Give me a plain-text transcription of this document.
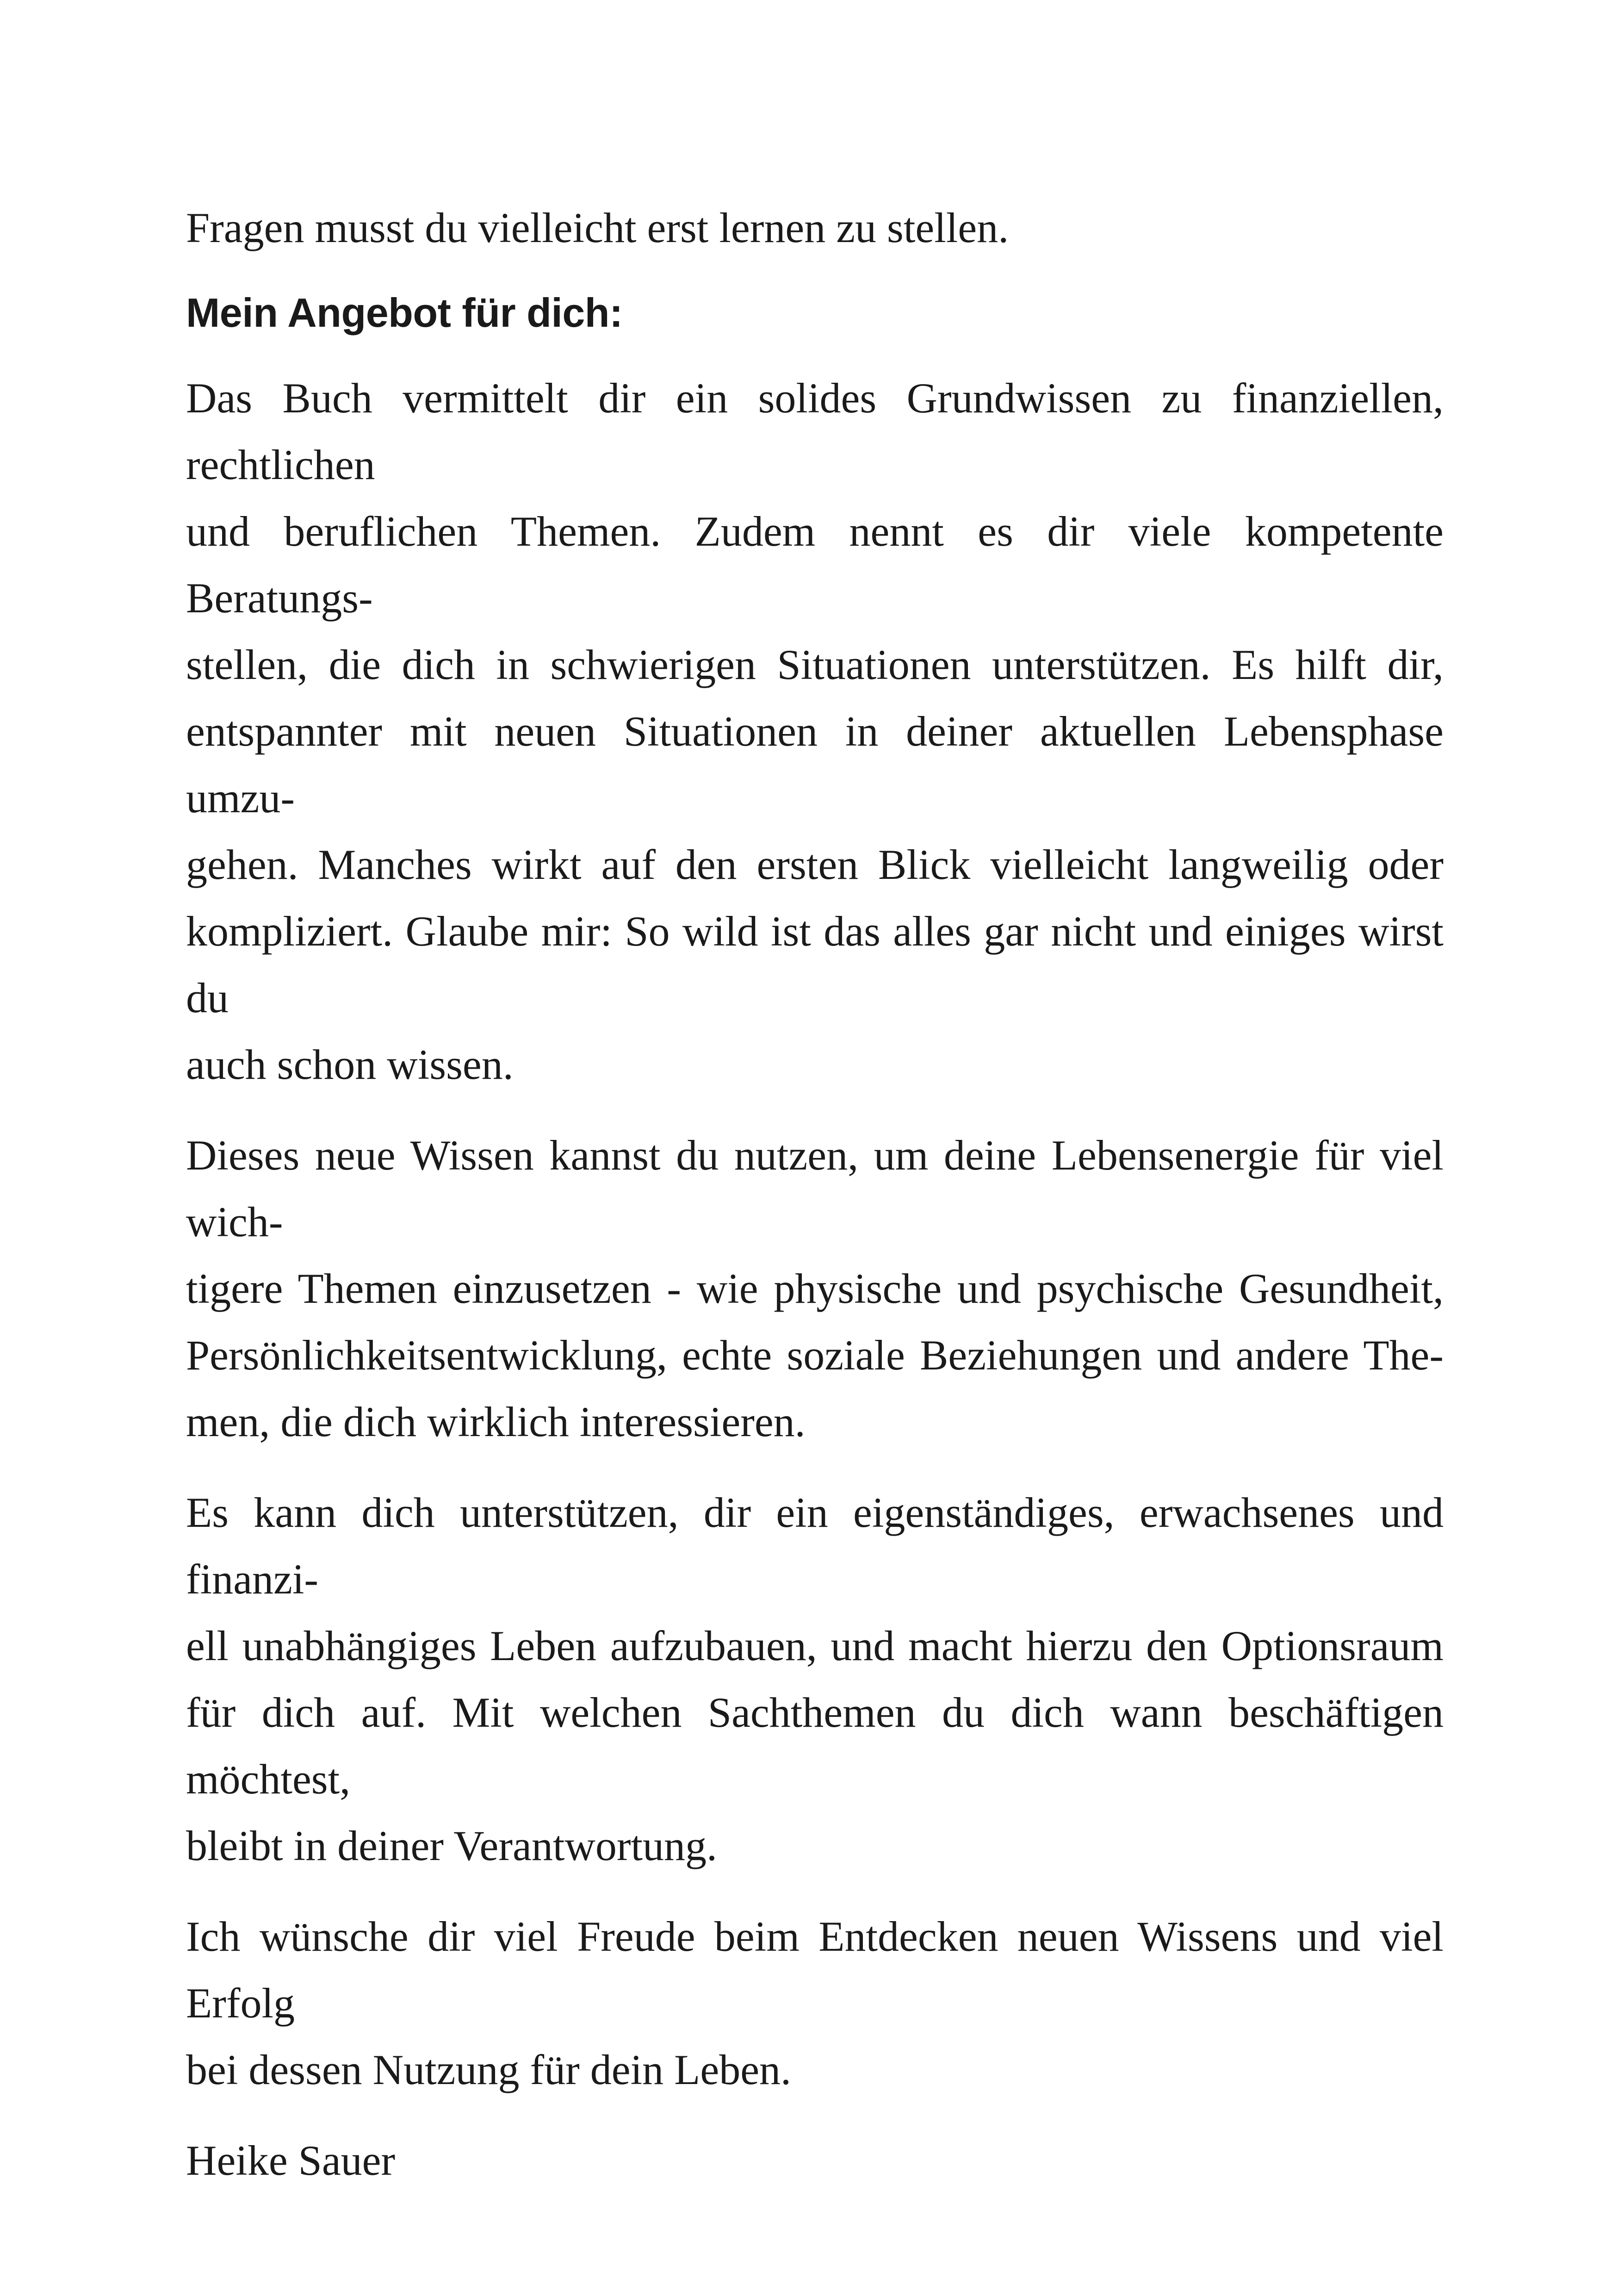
Fragen musst du vielleicht erst lernen zu stellen.

Mein Angebot für dich:

Das Buch vermittelt dir ein solides Grundwissen zu finanziellen, rechtlichen
und beruflichen Themen. Zudem nennt es dir viele kompetente Beratungs-
stellen, die dich in schwierigen Situationen unterstützen. Es hilft dir,
entspannter mit neuen Situationen in deiner aktuellen Lebensphase umzu-
gehen. Manches wirkt auf den ersten Blick vielleicht langweilig oder
kompliziert. Glaube mir: So wild ist das alles gar nicht und einiges wirst du
auch schon wissen.

Dieses neue Wissen kannst du nutzen, um deine Lebensenergie für viel wich-
tigere Themen einzusetzen - wie physische und psychische Gesundheit,
Persönlichkeitsentwicklung, echte soziale Beziehungen und andere The-
men, die dich wirklich interessieren.

Es kann dich unterstützen, dir ein eigenständiges, erwachsenes und finanzi-
ell unabhängiges Leben aufzubauen, und macht hierzu den Optionsraum
für dich auf. Mit welchen Sachthemen du dich wann beschäftigen möchtest,
bleibt in deiner Verantwortung.

Ich wünsche dir viel Freude beim Entdecken neuen Wissens und viel Erfolg
bei dessen Nutzung für dein Leben.

Heike Sauer
